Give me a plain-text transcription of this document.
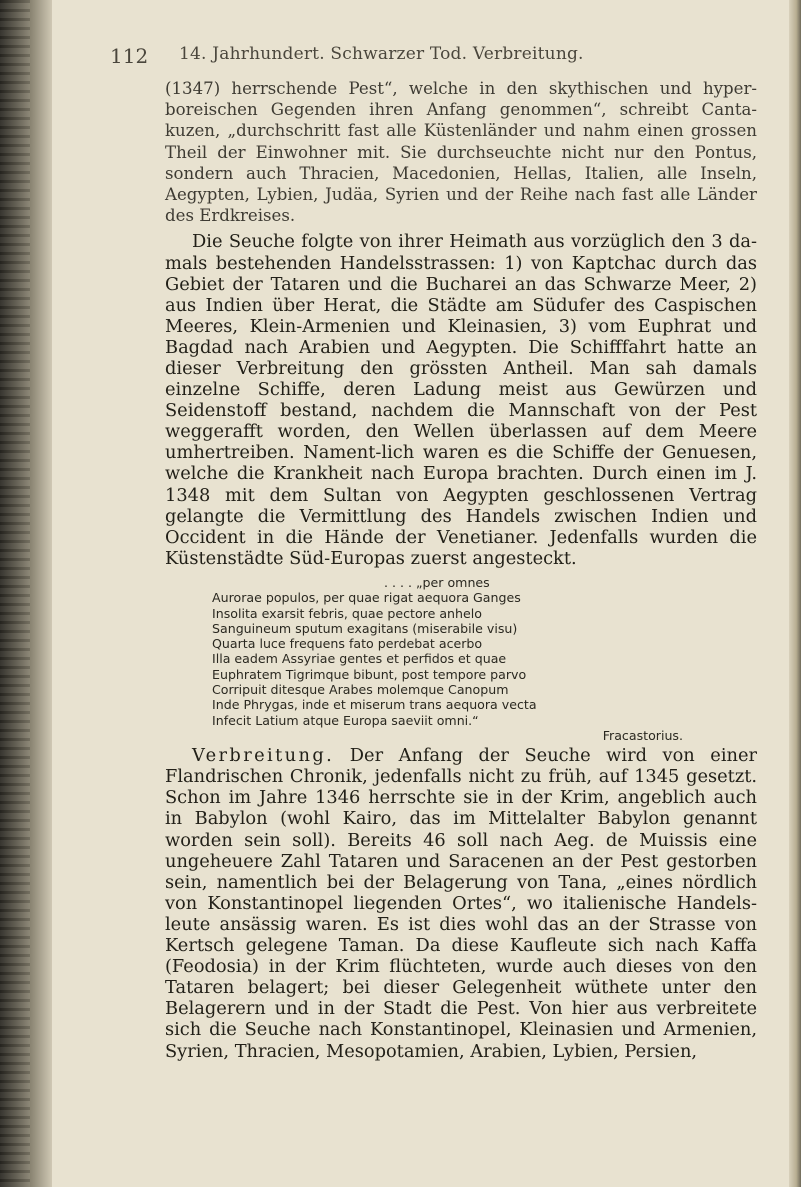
112 14. Jahrhundert. Schwarzer Tod. Verbreitung.

(1347) herrschende Pest“, welche in den skythischen und hyper-boreischen Gegenden ihren Anfang genommen“, schreibt Canta-kuzen, „durchschritt fast alle Küstenländer und nahm einen grossen Theil der Einwohner mit. Sie durchseuchte nicht nur den Pontus, sondern auch Thracien, Macedonien, Hellas, Italien, alle Inseln, Aegypten, Lybien, Judäa, Syrien und der Reihe nach fast alle Länder des Erdkreises.

Die Seuche folgte von ihrer Heimath aus vorzüglich den 3 da-mals bestehenden Handelsstrassen: 1) von Kaptchac durch das Gebiet der Tataren und die Bucharei an das Schwarze Meer, 2) aus Indien über Herat, die Städte am Südufer des Caspischen Meeres, Klein-Armenien und Kleinasien, 3) vom Euphrat und Bagdad nach Arabien und Aegypten. Die Schifffahrt hatte an dieser Verbreitung den grössten Antheil. Man sah damals einzelne Schiffe, deren Ladung meist aus Gewürzen und Seidenstoff bestand, nachdem die Mannschaft von der Pest weggerafft worden, den Wellen überlassen auf dem Meere umhertreiben. Nament-lich waren es die Schiffe der Genuesen, welche die Krankheit nach Europa brachten. Durch einen im J. 1348 mit dem Sultan von Aegypten geschlossenen Vertrag gelangte die Vermittlung des Handels zwischen Indien und Occident in die Hände der Venetianer. Jedenfalls wurden die Küstenstädte Süd-Europas zuerst angesteckt.

. . . . „per omnes
Aurorae populos, per quae rigat aequora Ganges
Insolita exarsit febris, quae pectore anhelo
Sanguineum sputum exagitans (miserabile visu)
Quarta luce frequens fato perdebat acerbo
Illa eadem Assyriae gentes et perfidos et quae
Euphratem Tigrimque bibunt, post tempore parvo
Corripuit ditesque Arabes molemque Canopum
Inde Phrygas, inde et miserum trans aequora vecta
Infecit Latium atque Europa saeviit omni.“
Fracastorius.

Verbreitung. Der Anfang der Seuche wird von einer Flandrischen Chronik, jedenfalls nicht zu früh, auf 1345 gesetzt. Schon im Jahre 1346 herrschte sie in der Krim, angeblich auch in Babylon (wohl Kairo, das im Mittelalter Babylon genannt worden sein soll). Bereits 46 soll nach Aeg. de Muissis eine ungeheuere Zahl Tataren und Saracenen an der Pest gestorben sein, namentlich bei der Belagerung von Tana, „eines nördlich von Konstantinopel liegenden Ortes“, wo italienische Handels-leute ansässig waren. Es ist dies wohl das an der Strasse von Kertsch gelegene Taman. Da diese Kaufleute sich nach Kaffa (Feodosia) in der Krim flüchteten, wurde auch dieses von den Tataren belagert; bei dieser Gelegenheit wüthete unter den Belagerern und in der Stadt die Pest. Von hier aus verbreitete sich die Seuche nach Konstantinopel, Kleinasien und Armenien, Syrien, Thracien, Mesopotamien, Arabien, Lybien, Persien,
